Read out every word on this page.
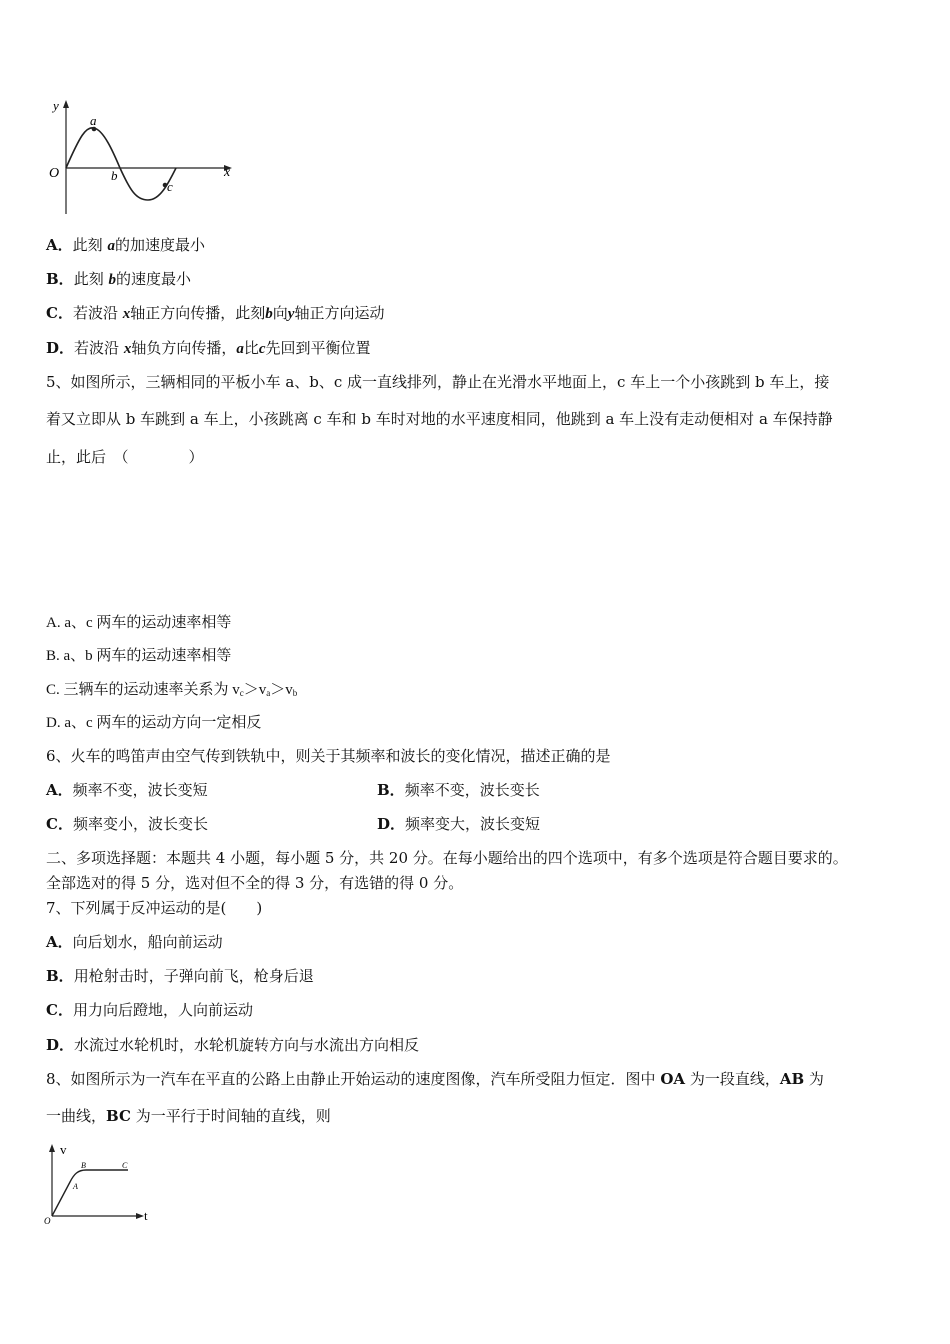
y
O	x
a
b
c
A．此刻 a的加速度最小
B．此刻 b的速度最小
C．若波沿 x轴正方向传播，此刻b向y轴正方向运动
D．若波沿 x轴负方向传播，a比c先回到平衡位置
5、如图所示，三辆相同的平板小车 a、b、c 成一直线排列，静止在光滑水平地面上，c 车上一个小孩跳到 b 车上，接
着又立即从 b 车跳到 a 车上，小孩跳离 c 车和 b 车时对地的水平速度相同，他跳到 a 车上没有走动便相对 a 车保持静
止，此后　（　　　　）
A. a、c 两车的运动速率相等
B. a、b 两车的运动速率相等
C. 三辆车的运动速率关系为 $v_c>v_a>v_b$
D. a、c 两车的运动方向一定相反
6、火车的鸣笛声由空气传到铁轨中，则关于其频率和波长的变化情况，描述正确的是
A．频率不变，波长变短	B．频率不变，波长变长
C．频率变小，波长变长	D．频率变大，波长变短
二、多项选择题：本题共 4 小题，每小题 5 分，共 20 分。在每小题给出的四个选项中，有多个选项是符合题目要求的。
全部选对的得 5 分，选对但不全的得 3 分，有选错的得 0 分。
7、下列属于反冲运动的是(　　)
A．向后划水，船向前运动
B．用枪射击时，子弹向前飞，枪身后退
C．用力向后蹬地，人向前运动
D．水流过水轮机时，水轮机旋转方向与水流出方向相反
8、如图所示为一汽车在平直的公路上由静止开始运动的速度图像，汽车所受阻力恒定．图中 OA 为一段直线，AB 为
一曲线，BC 为一平行于时间轴的直线，则
v
t
O
A
B	C
